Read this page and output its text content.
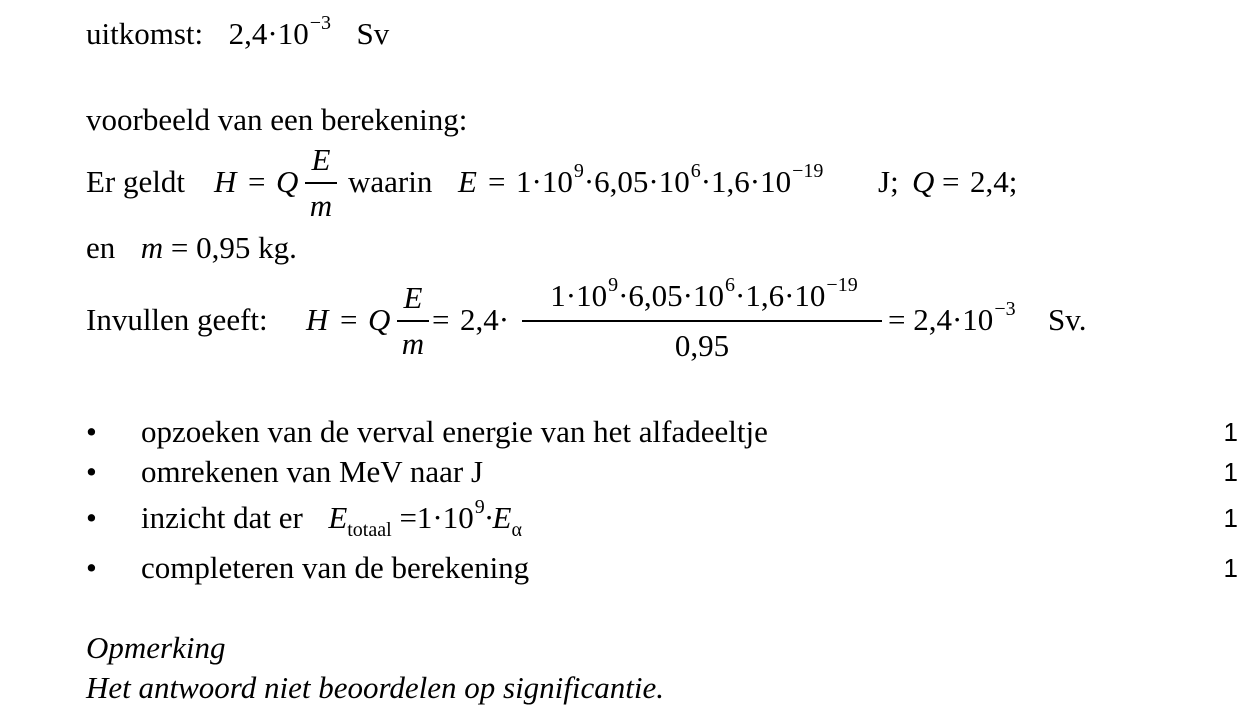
uitkomst: $2,4\cdot 10^{-3}$ Sv
voorbeeld van een berekening:
Er geldt H = Q
E
m
waarin $E = 1\cdot 10^9\cdot 6,05\cdot 10^6\cdot 1,6\cdot 10^{-19}$ J; Q = 2,4;
en m = 0,95 kg.
Invullen geeft: H = Q
E
m
= 2,4·
$1\cdot 10^9\cdot 6,05\cdot 10^6\cdot 1,6\cdot 10^{-19}$
0,95
= $2,4\cdot 10^{-3}$ Sv.
• opzoeken van de verval energie van het alfadeeltje	1
• omrekenen van MeV naar J	1
• inzicht dat er $E_{totaal} =1\cdot 10^9\cdot E_\alpha$	1
• completeren van de berekening	1
Opmerking
Het antwoord niet beoordelen op significantie.
